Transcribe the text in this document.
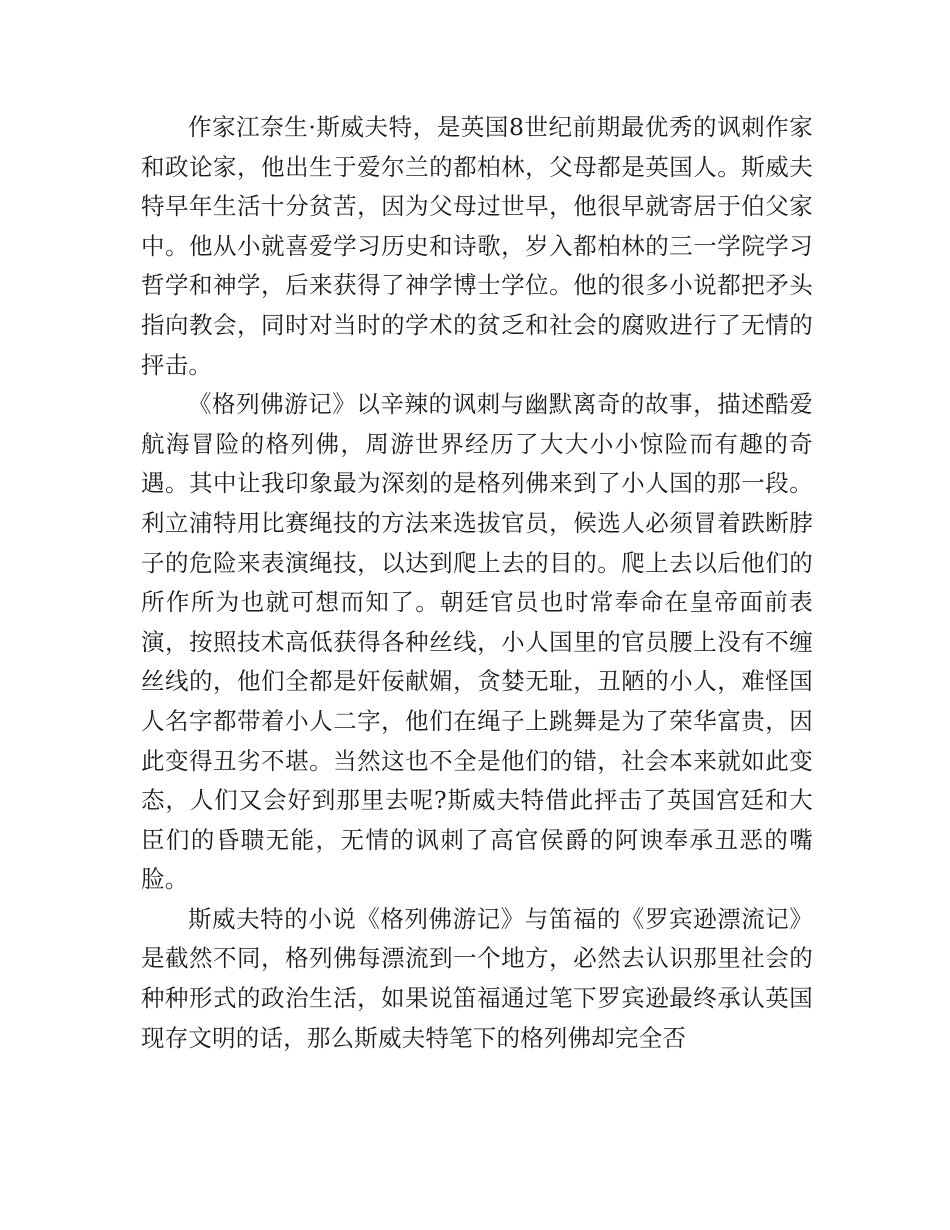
作家江奈生·斯威夫特，是英国8世纪前期最优秀的讽刺作家和政论家，他出生于爱尔兰的都柏林，父母都是英国人。斯威夫特早年生活十分贫苦，因为父母过世早，他很早就寄居于伯父家中。他从小就喜爱学习历史和诗歌，岁入都柏林的三一学院学习哲学和神学，后来获得了神学博士学位。他的很多小说都把矛头指向教会，同时对当时的学术的贫乏和社会的腐败进行了无情的抨击。

《格列佛游记》以辛辣的讽刺与幽默离奇的故事，描述酷爱航海冒险的格列佛，周游世界经历了大大小小惊险而有趣的奇遇。其中让我印象最为深刻的是格列佛来到了小人国的那一段。利立浦特用比赛绳技的方法来选拔官员，候选人必须冒着跌断脖子的危险来表演绳技，以达到爬上去的目的。爬上去以后他们的所作所为也就可想而知了。朝廷官员也时常奉命在皇帝面前表演，按照技术高低获得各种丝线，小人国里的官员腰上没有不缠丝线的，他们全都是奸佞献媚，贪婪无耻，丑陋的小人，难怪国人名字都带着小人二字，他们在绳子上跳舞是为了荣华富贵，因此变得丑劣不堪。当然这也不全是他们的错，社会本来就如此变态，人们又会好到那里去呢?斯威夫特借此抨击了英国宫廷和大臣们的昏聩无能，无情的讽刺了高官侯爵的阿谀奉承丑恶的嘴脸。

斯威夫特的小说《格列佛游记》与笛福的《罗宾逊漂流记》是截然不同，格列佛每漂流到一个地方，必然去认识那里社会的种种形式的政治生活，如果说笛福通过笔下罗宾逊最终承认英国现存文明的话，那么斯威夫特笔下的格列佛却完全否
